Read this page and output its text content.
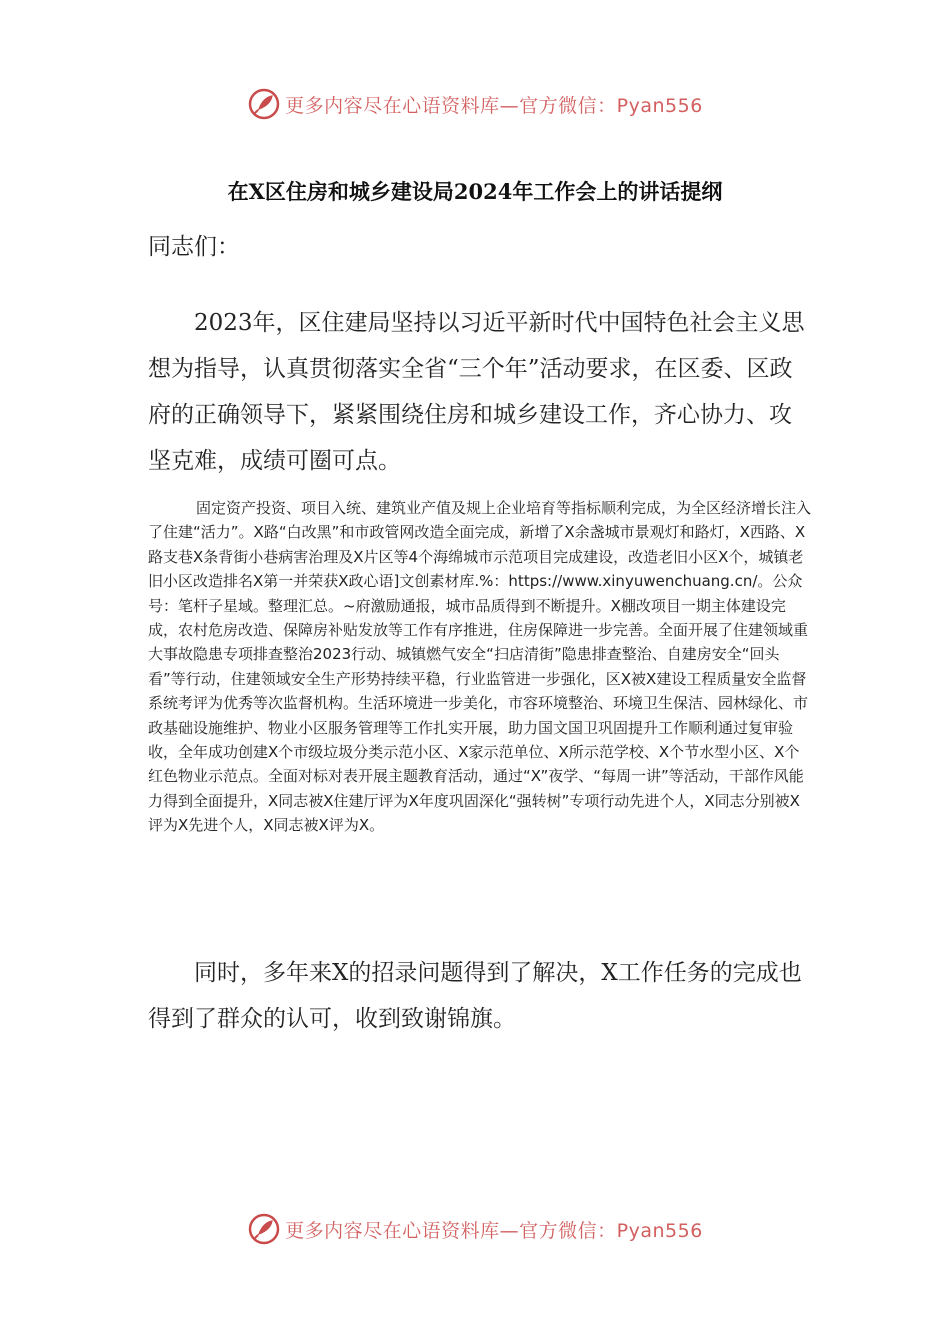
更多内容尽在心语资料库—官方微信：Pyan556
在X区住房和城乡建设局2024年工作会上的讲话提纲
同志们：

2023年，区住建局坚持以习近平新时代中国特色社会主义思想为指导，认真贯彻落实全省“三个年”活动要求，在区委、区政府的正确领导下，紧紧围绕住房和城乡建设工作，齐心协力、攻坚克难，成绩可圈可点。

固定资产投资、项目入统、建筑业产值及规上企业培育等指标顺利完成，为全区经济增长注入了住建“活力”。X路“白改黑”和市政管网改造全面完成，新增了X余盏城市景观灯和路灯，X西路、X路支巷X条背街小巷病害治理及X片区等4个海绵城市示范项目完成建设，改造老旧小区X个，城镇老旧小区改造排名X第一并荣获X政心语]文创素材库.%：https://www.xinyuwenchuang.cn/。公众号：笔杆子星域。整理汇总。~府激励通报，城市品质得到不断提升。X棚改项目一期主体建设完成，农村危房改造、保障房补贴发放等工作有序推进，住房保障进一步完善。全面开展了住建领域重大事故隐患专项排查整治2023行动、城镇燃气安全“扫店清街”隐患排查整治、自建房安全“回头看”等行动，住建领域安全生产形势持续平稳，行业监管进一步强化，区X被X建设工程质量安全监督系统考评为优秀等次监督机构。生活环境进一步美化，市容环境整治、环境卫生保洁、园林绿化、市政基础设施维护、物业小区服务管理等工作扎实开展，助力国文国卫巩固提升工作顺利通过复审验收，全年成功创建X个市级垃圾分类示范小区、X家示范单位、X所示范学校、X个节水型小区、X个红色物业示范点。全面对标对表开展主题教育活动，通过“X”夜学、“每周一讲”等活动，干部作风能力得到全面提升，X同志被X住建厅评为X年度巩固深化“强转树”专项行动先进个人，X同志分别被X评为X先进个人，X同志被X评为X。

同时，多年来X的招录问题得到了解决，X工作任务的完成也得到了群众的认可，收到致谢锦旗。

更多内容尽在心语资料库—官方微信：Pyan556
